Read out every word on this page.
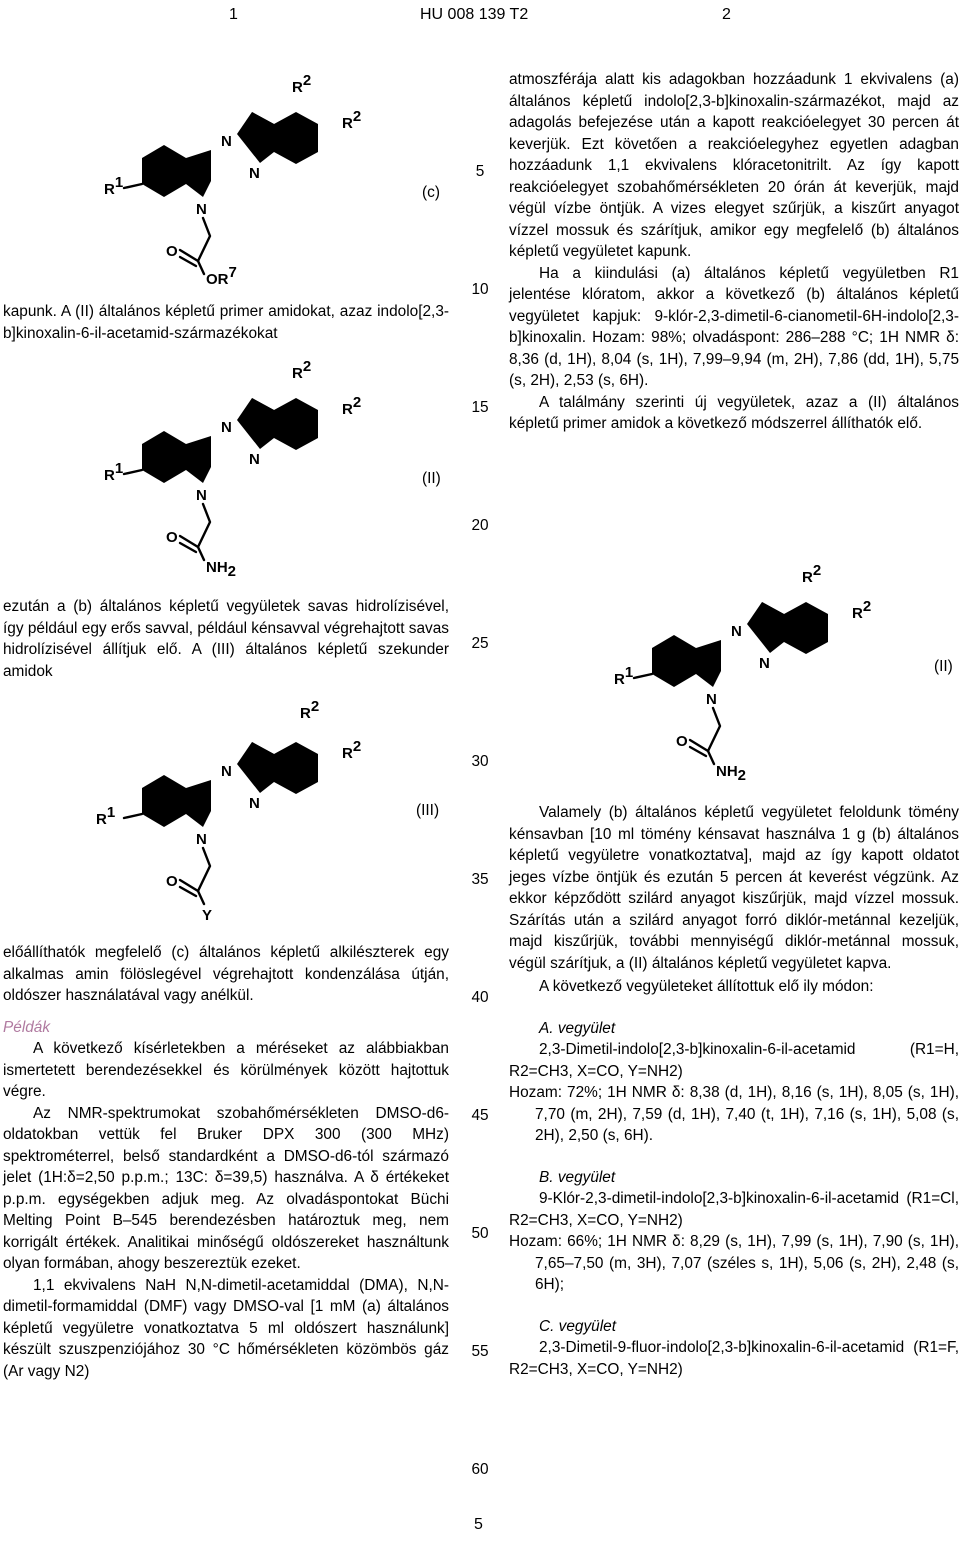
1	HU 008 139 T2	2
R1
N
N
N
R2
R2
O
OR7
(c)

kapunk. A (II) általános képletű primer amidokat, azaz indolo[2,3-b]kinoxalin-6-il-acetamid-származékokat

R1
N
N
N
R2
R2
O
NH2
(II)

ezután a (b) általános képletű vegyületek savas hidrolízisével, így például egy erős savval, például kénsavval végrehajtott savas hidrolízisével állítjuk elő. A (III) általános képletű szekunder amidok

R1
N
N
N
R2
R2
O
Y
(III)

előállíthatók megfelelő (c) általános képletű alkilészterek egy alkalmas amin fölöslegével végrehajtott kondenzálása útján, oldószer használatával vagy anélkül.

Példák

A következő kísérletekben a méréseket az alábbiakban ismertetett berendezésekkel és körülmények között hajtottuk végre.

Az NMR-spektrumokat szobahőmérsékleten DMSO-d6-oldatokban vettük fel Bruker DPX 300 (300 MHz) spektrométerrel, belső standardként a DMSO-d6-tól származó jelet (1H:δ=2,50 p.p.m.; 13C: δ=39,5) használva. A δ értékeket p.p.m. egységekben adjuk meg. Az olvadáspontokat Büchi Melting Point B–545 berendezésben határoztuk meg, nem korrigált értékek. Analitikai minőségű oldószereket használtunk olyan formában, ahogy beszereztük ezeket.

1,1 ekvivalens NaH N,N-dimetil-acetamiddal (DMA), N,N-dimetil-formamiddal (DMF) vagy DMSO-val [1 mM (a) általános képletű vegyületre vonatkoztatva 5 ml oldószert használunk] készült szuszpenziójához 30 °C hőmérsékleten közömbös gáz (Ar vagy N2)

5
10
15
20
25
30
35
40
45
50
55
60

atmoszférája alatt kis adagokban hozzáadunk 1 ekvivalens (a) általános képletű indolo[2,3-b]kinoxalin-származékot, majd az adagolás befejezése után a kapott reakcióelegyet 30 percen át keverjük. Ezt követően a reakcióelegyhez egyetlen adagban hozzáadunk 1,1 ekvivalens klóracetonitrilt. Az így kapott reakcióelegyet szobahőmérsékleten 20 órán át keverjük, majd végül vízbe öntjük. A vizes elegyet szűrjük, a kiszűrt anyagot vízzel mossuk és szárítjuk, amikor egy megfelelő (b) általános képletű vegyületet kapunk.

Ha a kiindulási (a) általános képletű vegyületben R1 jelentése klóratom, akkor a következő (b) általános képletű vegyületet kapjuk: 9-klór-2,3-dimetil-6-cianometil-6H-indolo[2,3-b]kinoxalin. Hozam: 98%; olvadáspont: 286–288 °C; 1H NMR δ: 8,36 (d, 1H), 8,04 (s, 1H), 7,99–9,94 (m, 2H), 7,86 (dd, 1H), 5,75 (s, 2H), 2,53 (s, 6H).

A találmány szerinti új vegyületek, azaz a (II) általános képletű primer amidok a következő módszerrel állíthatók elő.

R1
N
N
N
R2
R2
O
NH2
(II)

Valamely (b) általános képletű vegyületet feloldunk tömény kénsavban [10 ml tömény kénsavat használva 1 g (b) általános képletű vegyületre vonatkoztatva], majd az így kapott oldatot jeges vízbe öntjük és ezután 5 percen át keverést végzünk. Az ekkor képződött szilárd anyagot kiszűrjük, majd vízzel mossuk. Szárítás után a szilárd anyagot forró diklór-metánnal kezeljük, majd kiszűrjük, további mennyiségű diklór-metánnal mossuk, végül szárítjuk, a (II) általános képletű vegyületet kapva.

A következő vegyületeket állítottuk elő ily módon:

A. vegyület

2,3-Dimetil-indolo[2,3-b]kinoxalin-6-il-acetamid (R1=H, R2=CH3, X=CO, Y=NH2)

Hozam: 72%; 1H NMR δ: 8,38 (d, 1H), 8,16 (s, 1H), 8,05 (s, 1H), 7,70 (m, 2H), 7,59 (d, 1H), 7,40 (t, 1H), 7,16 (s, 1H), 5,08 (s, 2H), 2,50 (s, 6H).

B. vegyület

9-Klór-2,3-dimetil-indolo[2,3-b]kinoxalin-6-il-acetamid (R1=Cl, R2=CH3, X=CO, Y=NH2)

Hozam: 66%; 1H NMR δ: 8,29 (s, 1H), 7,99 (s, 1H), 7,90 (s, 1H), 7,65–7,50 (m, 3H), 7,07 (széles s, 1H), 5,06 (s, 2H), 2,48 (s, 6H);

C. vegyület

2,3-Dimetil-9-fluor-indolo[2,3-b]kinoxalin-6-il-acetamid (R1=F, R2=CH3, X=CO, Y=NH2)

5
